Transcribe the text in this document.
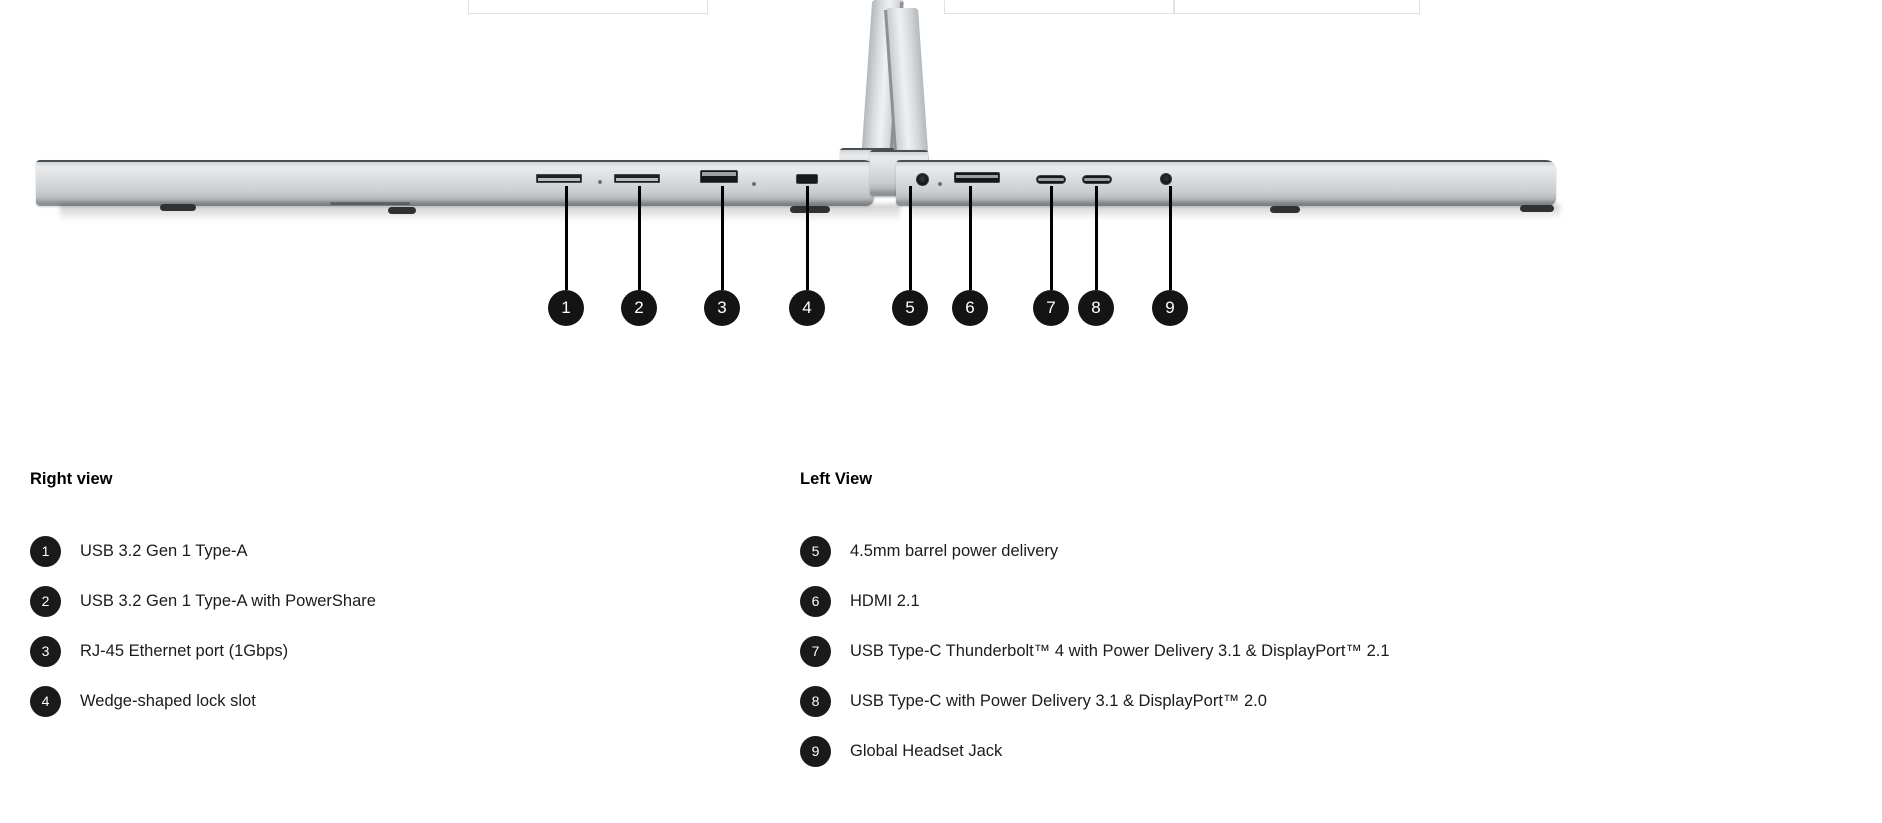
1	2	3	4	5	6	7	8	9
Right view
1	USB 3.2 Gen 1 Type-A
2	USB 3.2 Gen 1 Type-A with PowerShare
3	RJ-45 Ethernet port (1Gbps)
4	Wedge-shaped lock slot
Left View
5	4.5mm barrel power delivery
6	HDMI 2.1
7	USB Type-C Thunderbolt™ 4 with Power Delivery 3.1 & DisplayPort™ 2.1
8	USB Type-C with Power Delivery 3.1 & DisplayPort™ 2.0
9	Global Headset Jack
